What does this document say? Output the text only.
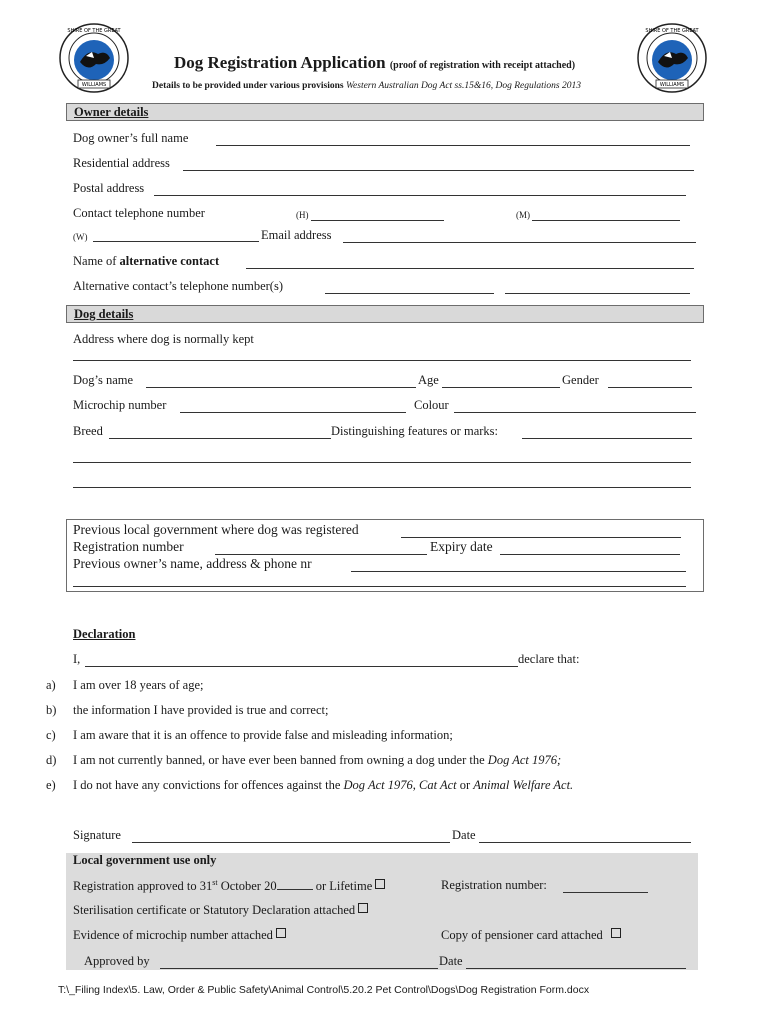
SHIRE OF THE GREAT
WILLIAMS
SHIRE OF THE GREAT
WILLIAMS
Dog Registration Application (proof of registration with receipt attached)
Details to be provided under various provisions Western Australian Dog Act ss.15&16, Dog Regulations 2013
Owner details
Dog owner’s full name
Residential address
Postal address
Contact telephone number	(H)	(M)
(W)	Email address
Name of alternative contact
Alternative contact’s telephone number(s)
Dog details
Address where dog is normally kept
Dog’s name	Age	Gender
Microchip number	Colour
Breed	Distinguishing features or marks:
Previous local government where dog was registered
Registration number	Expiry date
Previous owner’s name, address & phone nr
Declaration
I,	declare that:
a) I am over 18 years of age;
b) the information I have provided is true and correct;
c) I am aware that it is an offence to provide false and misleading information;
d) I am not currently banned, or have ever been banned from owning a dog under the Dog Act 1976;
e) I do not have any convictions for offences against the Dog Act 1976, Cat Act or Animal Welfare Act.
Signature	Date
Local government use only
Registration approved to 31st October 20	or Lifetime	Registration number:
Sterilisation certificate or Statutory Declaration attached
Evidence of microchip number attached	Copy of pensioner card attached
Approved by	Date
T:\_Filing Index\5. Law, Order & Public Safety\Animal Control\5.20.2 Pet Control\Dogs\Dog Registration Form.docx
